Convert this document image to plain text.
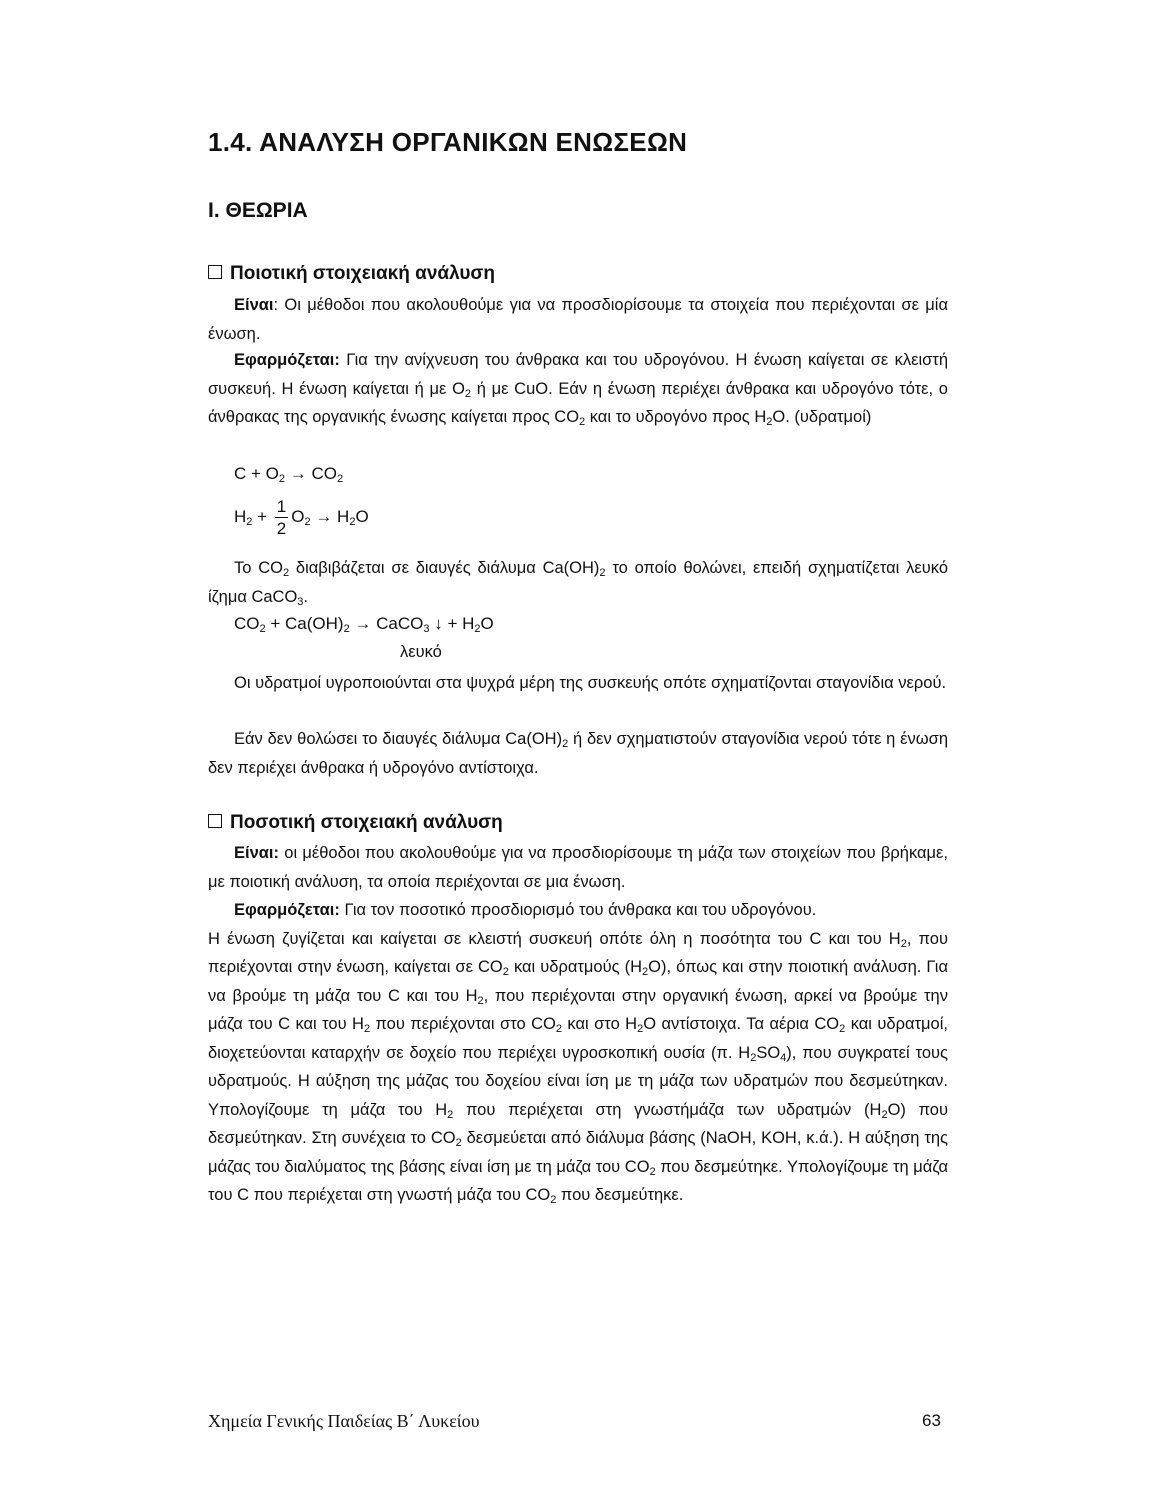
1.4. ΑΝΑΛΥΣΗ ΟΡΓΑΝΙΚΩΝ ΕΝΩΣΕΩΝ
Ι. ΘΕΩΡΙΑ
Ποιοτική στοιχειακή ανάλυση

Είναι: Οι μέθοδοι που ακολουθούμε για να προσδιορίσουμε τα στοιχεία που περιέχονται σε μία ένωση.

Εφαρμόζεται: Για την ανίχνευση του άνθρακα και του υδρογόνου. Η ένωση καίγεται σε κλειστή συσκευή. Η ένωση καίγεται ή με $O_2$ ή με CuO. Εάν η ένωση περιέχει άνθρακα και υδρογόνο τότε, ο άνθρακας της οργανικής ένωσης καίγεται προς $CO_2$ και το υδρογόνο προς $H_2O$. (υδρατμοί)

$C + O_2 \to CO_2$
$H_2 + \frac{1}{2} O_2 \to H_2O$

Το $CO_2$ διαβιβάζεται σε διαυγές διάλυμα $Ca(OH)_2$ το οποίο θολώνει, επειδή σχηματίζεται λευκό ίζημα CaCO$_3$.

$CO_2 + Ca(OH)_2$ → CaCO$_3$ ↓ + $H_2O$
λευκό

Οι υδρατμοί υγροποιούνται στα ψυχρά μέρη της συσκευής οπότε σχηματίζονται σταγονίδια νερού.

Εάν δεν θολώσει το διαυγές διάλυμα $Ca(OH)_2$ ή δεν σχηματιστούν σταγονίδια νερού τότε η ένωση δεν περιέχει άνθρακα ή υδρογόνο αντίστοιχα.

Ποσοτική στοιχειακή ανάλυση

Είναι: οι μέθοδοι που ακολουθούμε για να προσδιορίσουμε τη μάζα των στοιχείων που βρήκαμε, με ποιοτική ανάλυση, τα οποία περιέχονται σε μια ένωση.

Εφαρμόζεται: Για τον ποσοτικό προσδιορισμό του άνθρακα και του υδρογόνου.

Η ένωση ζυγίζεται και καίγεται σε κλειστή συσκευή οπότε όλη η ποσότητα του C και του $H_2$, που περιέχονται στην ένωση, καίγεται σε $CO_2$ και υδρατμούς $(H_2O)$, όπως και στην ποιοτική ανάλυση. Για να βρούμε τη μάζα του C και του $H_2$, που περιέχονται στην οργανική ένωση, αρκεί να βρούμε την μάζα του C και του $H_2$ που περιέχονται στο $CO_2$ και στο $H_2O$ αντίστοιχα. Τα αέρια $CO_2$ και υδρατμοί, διοχετεύονται καταρχήν σε δοχείο που περιέχει υγροσκοπική ουσία (π. $H_2SO_4$), που συγκρατεί τους υδρατμούς. Η αύξηση της μάζας του δοχείου είναι ίση με τη μάζα των υδρατμών που δεσμεύτηκαν. Υπολογίζουμε τη μάζα του $H_2$ που περιέχεται στη γνωστήμάζα των υδρατμών $(H_2O)$ που δεσμεύτηκαν. Στη συνέχεια το $CO_2$ δεσμεύεται από διάλυμα βάσης (NaOH, KOH, κ.ά.). Η αύξηση της μάζας του διαλύματος της βάσης είναι ίση με τη μάζα του $CO_2$ που δεσμεύτηκε. Υπολογίζουμε τη μάζα του C που περιέχεται στη γνωστή μάζα του $CO_2$ που δεσμεύτηκε.

Χημεία Γενικής Παιδείας Β΄ Λυκείου	63
